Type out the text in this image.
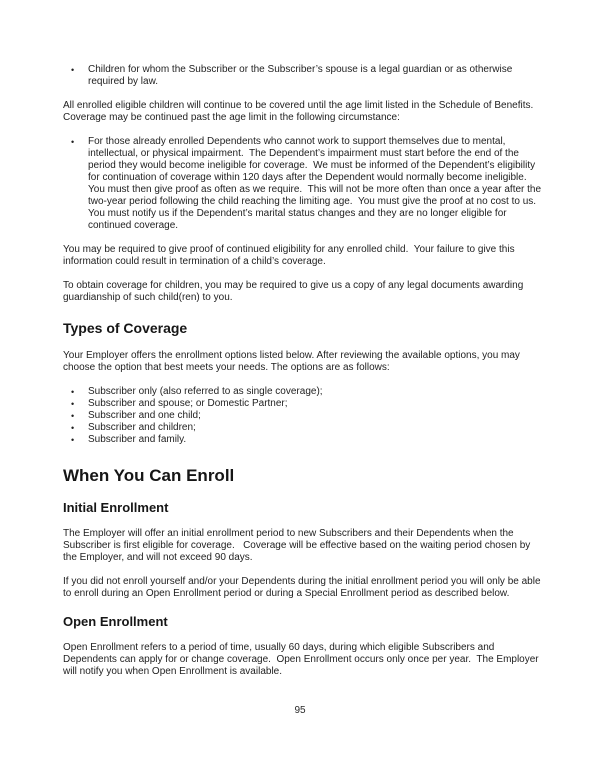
•	Children for whom the Subscriber or the Subscriber’s spouse is a legal guardian or as otherwise required by law.
All enrolled eligible children will continue to be covered until the age limit listed in the Schedule of Benefits. Coverage may be continued past the age limit in the following circumstance:
•	For those already enrolled Dependents who cannot work to support themselves due to mental, intellectual, or physical impairment.  The Dependent’s impairment must start before the end of the period they would become ineligible for coverage.  We must be informed of the Dependent’s eligibility for continuation of coverage within 120 days after the Dependent would normally become ineligible. You must then give proof as often as we require.  This will not be more often than once a year after the two-year period following the child reaching the limiting age.  You must give the proof at no cost to us.  You must notify us if the Dependent’s marital status changes and they are no longer eligible for continued coverage.
You may be required to give proof of continued eligibility for any enrolled child.  Your failure to give this information could result in termination of a child’s coverage.
To obtain coverage for children, you may be required to give us a copy of any legal documents awarding guardianship of such child(ren) to you.
Types of Coverage
Your Employer offers the enrollment options listed below. After reviewing the available options, you may choose the option that best meets your needs. The options are as follows:
•	Subscriber only (also referred to as single coverage);
•	Subscriber and spouse; or Domestic Partner;
•	Subscriber and one child;
•	Subscriber and children;
•	Subscriber and family.
When You Can Enroll
Initial Enrollment
The Employer will offer an initial enrollment period to new Subscribers and their Dependents when the Subscriber is first eligible for coverage.   Coverage will be effective based on the waiting period chosen by the Employer, and will not exceed 90 days.
If you did not enroll yourself and/or your Dependents during the initial enrollment period you will only be able to enroll during an Open Enrollment period or during a Special Enrollment period as described below.
Open Enrollment
Open Enrollment refers to a period of time, usually 60 days, during which eligible Subscribers and Dependents can apply for or change coverage.  Open Enrollment occurs only once per year.  The Employer will notify you when Open Enrollment is available.
95
